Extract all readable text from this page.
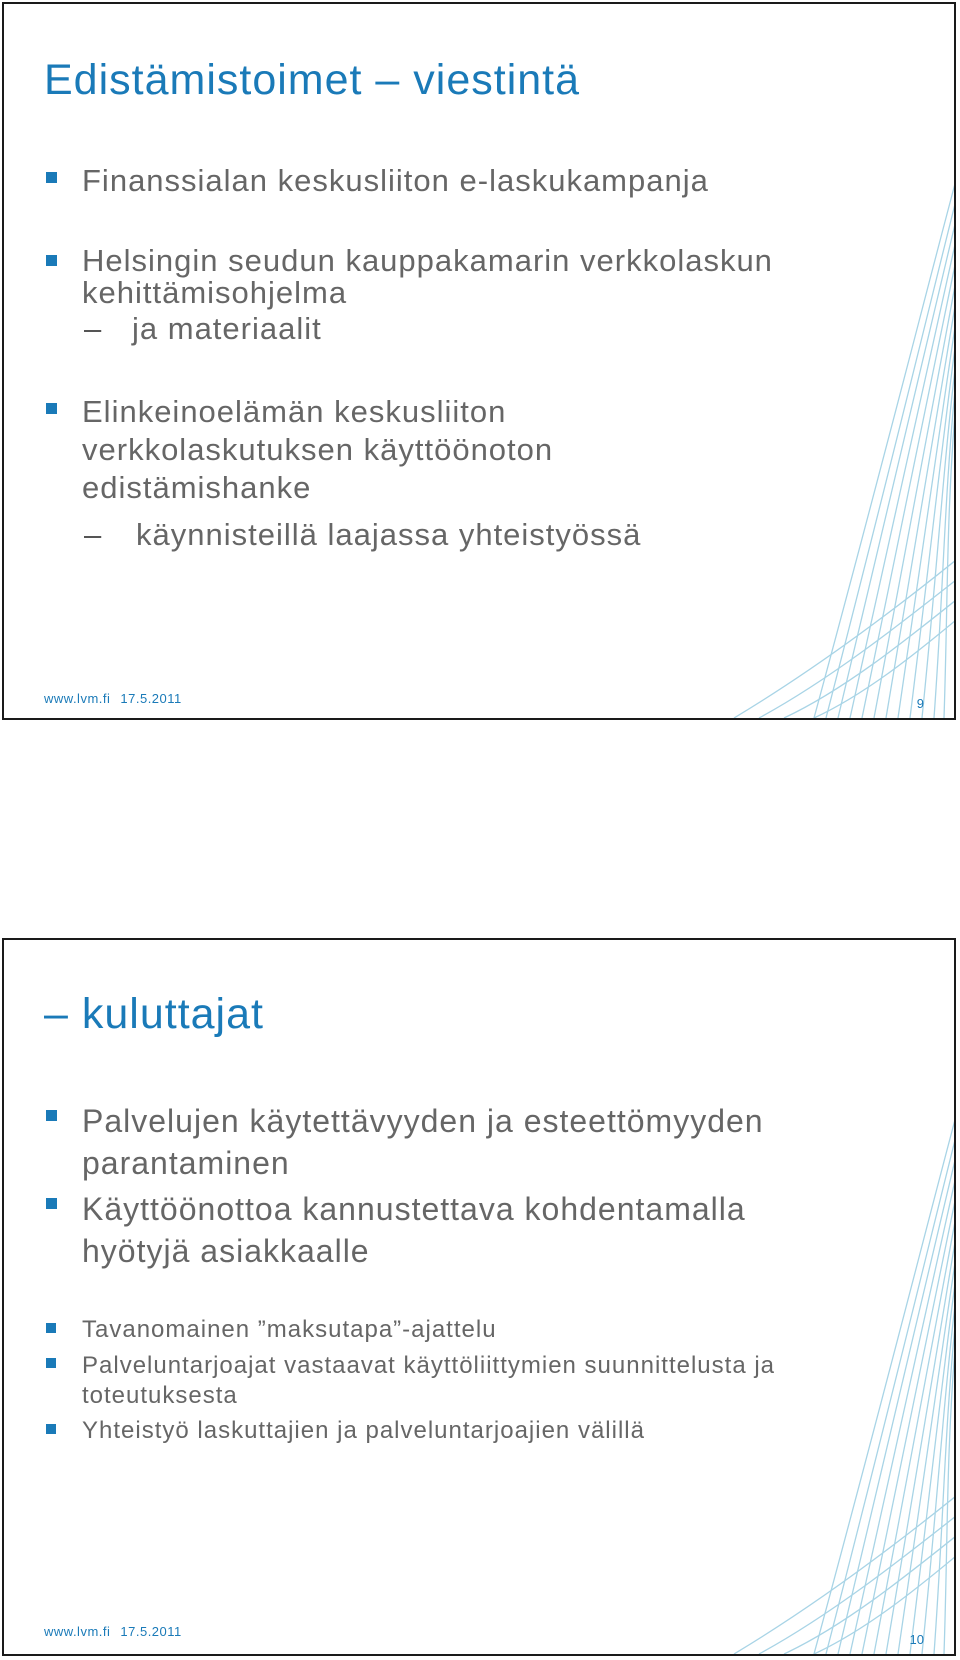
Edistämistoimet – viestintä
Finanssialan keskusliiton e-laskukampanja
Helsingin seudun kauppakamarin verkkolaskun kehittämisohjelma
– ja materiaalit
Elinkeinoelämän keskusliiton verkkolaskutuksen käyttöönoton edistämishanke
– käynnisteillä laajassa yhteistyössä
www.lvm.fi 17.5.2011	9
– kuluttajat
Palvelujen käytettävyyden ja esteettömyyden parantaminen
Käyttöönottoa kannustettava kohdentamalla hyötyjä asiakkaalle
Tavanomainen ”maksutapa”-ajattelu
Palveluntarjoajat vastaavat käyttöliittymien suunnittelusta ja toteutuksesta
Yhteistyö laskuttajien ja palveluntarjoajien välillä
www.lvm.fi 17.5.2011
10
